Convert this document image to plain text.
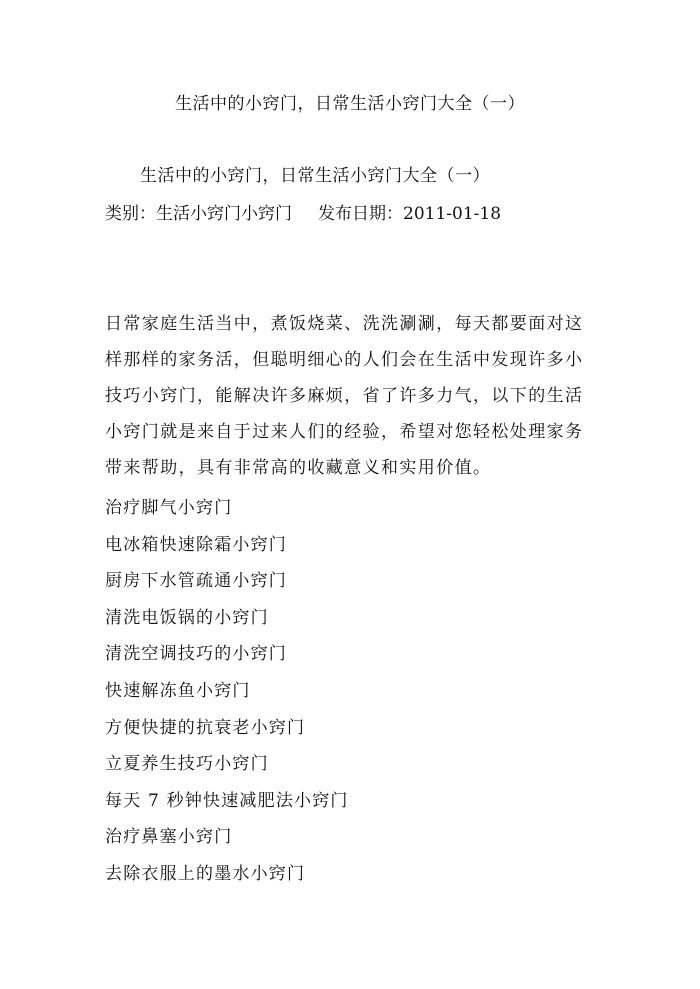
生活中的小窍门，日常生活小窍门大全（一）
生活中的小窍门，日常生活小窍门大全（一）
类别：生活小窍门小窍门 发布日期：2011-01-18
日常家庭生活当中，煮饭烧菜、洗洗涮涮，每天都要面对这
样那样的家务活，但聪明细心的人们会在生活中发现许多小
技巧小窍门，能解决许多麻烦，省了许多力气，以下的生活
小窍门就是来自于过来人们的经验，希望对您轻松处理家务
带来帮助，具有非常高的收藏意义和实用价值。
治疗脚气小窍门
电冰箱快速除霜小窍门
厨房下水管疏通小窍门
清洗电饭锅的小窍门
清洗空调技巧的小窍门
快速解冻鱼小窍门
方便快捷的抗衰老小窍门
立夏养生技巧小窍门
每天 7 秒钟快速减肥法小窍门
治疗鼻塞小窍门
去除衣服上的墨水小窍门
